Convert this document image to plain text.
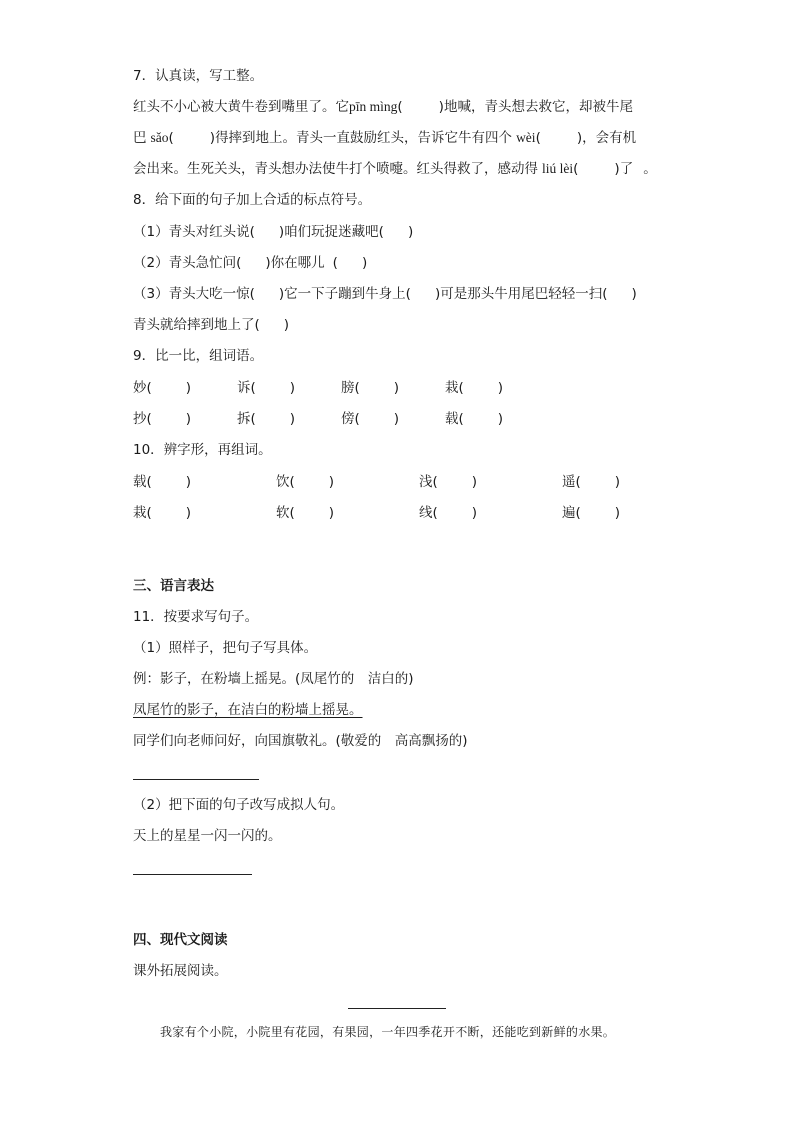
7．认真读，写工整。
红头不小心被大黄牛卷到嘴里了。它pīn mìng(	)地喊，青头想去救它，却被牛尾
巴 sǎo(	)得摔到地上。青头一直鼓励红头，告诉它牛有四个 wèi(	)，会有机
会出来。生死关头，青头想办法使牛打个喷嚏。红头得救了，感动得 liú lèi(	)了 。
8．给下面的句子加上合适的标点符号。
（1）青头对红头说( )咱们玩捉迷藏吧( )
（2）青头急忙问( )你在哪儿 ( )
（3）青头大吃一惊( )它一下子蹦到牛身上( )可是那头牛用尾巴轻轻一扫( )
青头就给摔到地上了( )
9．比一比，组词语。
妙(	)	诉(	)	膀(	)	栽(	)
抄(	)	拆(	)	傍(	)	载(	)
10．辨字形，再组词。
载(	)	饮(	)	浅(	)	遥(	)
栽(	)	软(	)	线(	)	遍(	)
三、语言表达
11．按要求写句子。
（1）照样子，把句子写具体。
例：影子，在粉墙上摇晃。(凤尾竹的　洁白的)
凤尾竹的影子，在洁白的粉墙上摇晃。
同学们向老师问好，向国旗敬礼。(敬爱的　高高飘扬的)
（2）把下面的句子改写成拟人句。
天上的星星一闪一闪的。
四、现代文阅读
课外拓展阅读。
我家有个小院，小院里有花园，有果园，一年四季花开不断，还能吃到新鲜的水果。
